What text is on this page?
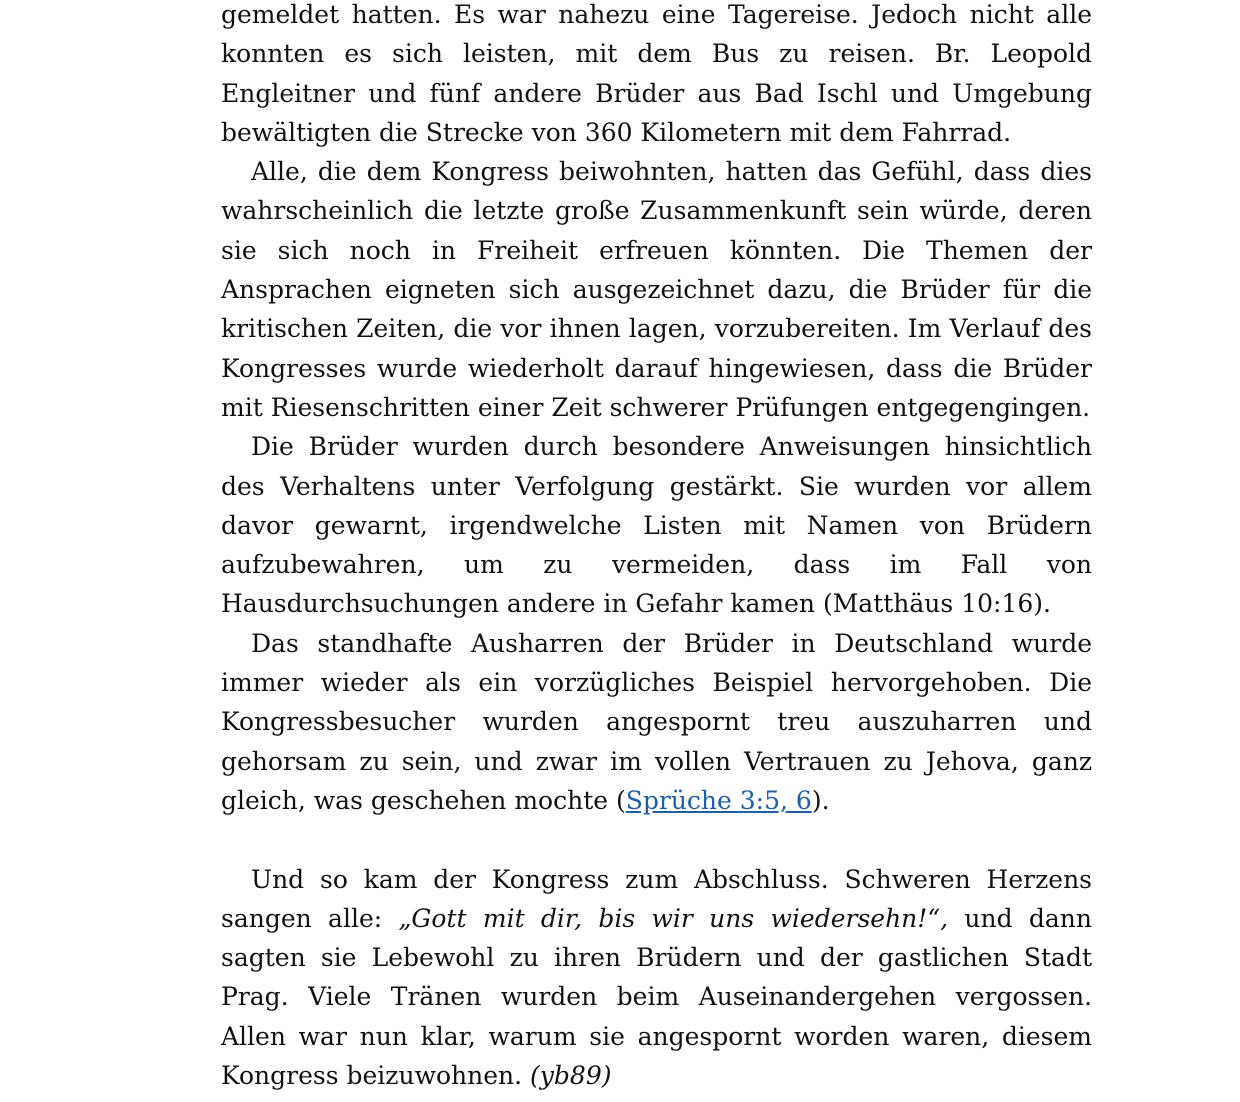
gemeldet hatten. Es war nahezu eine Tagereise. Jedoch nicht alle konnten es sich leisten, mit dem Bus zu reisen. Br. Leopold Engleitner und fünf andere Brüder aus Bad Ischl und Umgebung bewältigten die Strecke von 360 Kilometern mit dem Fahrrad.

Alle, die dem Kongress beiwohnten, hatten das Gefühl, dass dies wahrscheinlich die letzte große Zusammenkunft sein würde, deren sie sich noch in Freiheit erfreuen könnten. Die Themen der Ansprachen eigneten sich ausgezeichnet dazu, die Brüder für die kritischen Zeiten, die vor ihnen lagen, vorzubereiten. Im Verlauf des Kongresses wurde wiederholt darauf hingewiesen, dass die Brüder mit Riesenschritten einer Zeit schwerer Prüfungen entgegengingen.

Die Brüder wurden durch besondere Anweisungen hinsichtlich des Verhaltens unter Verfolgung gestärkt. Sie wurden vor allem davor gewarnt, irgendwelche Listen mit Namen von Brüdern aufzubewahren, um zu vermeiden, dass im Fall von Hausdurchsuchungen andere in Gefahr kamen (Matthäus 10:16).

Das standhafte Ausharren der Brüder in Deutschland wurde immer wieder als ein vorzügliches Beispiel hervorgehoben. Die Kongressbesucher wurden angespornt treu auszuharren und gehorsam zu sein, und zwar im vollen Vertrauen zu Jehova, ganz gleich, was geschehen mochte (Sprüche 3:5, 6).

Und so kam der Kongress zum Abschluss. Schweren Herzens sangen alle: „Gott mit dir, bis wir uns wiedersehn!“, und dann sagten sie Lebewohl zu ihren Brüdern und der gastlichen Stadt Prag. Viele Tränen wurden beim Auseinandergehen vergossen. Allen war nun klar, warum sie angespornt worden waren, diesem Kongress beizuwohnen. (yb89)
